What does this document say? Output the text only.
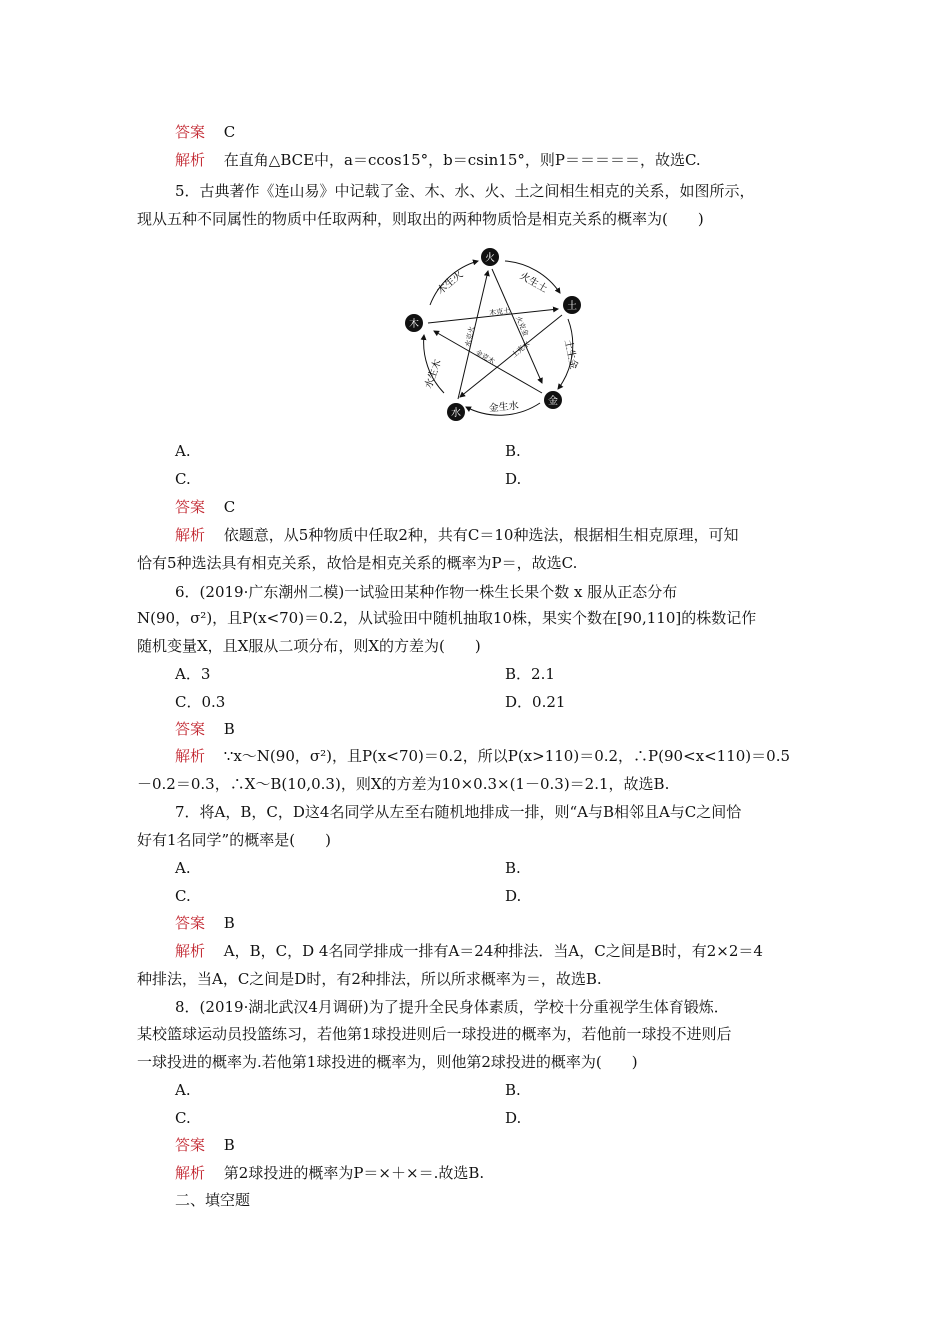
答案 C
解析 在直角△BCE中，a＝ccos15°，b＝csin15°，则P＝＝＝＝＝，故选C.
5．古典著作《连山易》中记载了金、木、水、火、土之间相生相克的关系，如图所示，
现从五种不同属性的物质中任取两种，则取出的两种物质恰是相克关系的概率为(　　)
火
土
金
水
木
火生土
土生金
金生水
水生木
木生火
木克土
火克金
土克水
金克木
水克火
A.	B.
C.	D.
答案 C
解析 依题意，从5种物质中任取2种，共有C＝10种选法，根据相生相克原理，可知
恰有5种选法具有相克关系，故恰是相克关系的概率为P＝，故选C.
6．(2019·广东潮州二模)一试验田某种作物一株生长果个数 x 服从正态分布
N(90，σ²)，且P(x<70)＝0.2，从试验田中随机抽取10株，果实个数在[90,110]的株数记作
随机变量X，且X服从二项分布，则X的方差为(　　)
A．3	B．2.1
C．0.3	D．0.21
答案 B
解析 ∵x～N(90，σ²)，且P(x<70)＝0.2，所以P(x>110)＝0.2，∴P(90<x<110)＝0.5
－0.2＝0.3，∴X～B(10,0.3)，则X的方差为10×0.3×(1－0.3)＝2.1，故选B.
7．将A，B，C，D这4名同学从左至右随机地排成一排，则“A与B相邻且A与C之间恰
好有1名同学”的概率是(　　)
A.	B.
C.	D.
答案 B
解析 A，B，C，D 4名同学排成一排有A＝24种排法．当A，C之间是B时，有2×2＝4
种排法，当A，C之间是D时，有2种排法，所以所求概率为＝，故选B.
8．(2019·湖北武汉4月调研)为了提升全民身体素质，学校十分重视学生体育锻炼．
某校篮球运动员投篮练习，若他第1球投进则后一球投进的概率为，若他前一球投不进则后
一球投进的概率为.若他第1球投进的概率为，则他第2球投进的概率为(　　)
A.	B.
C.	D.
答案 B
解析 第2球投进的概率为P＝×＋×＝.故选B.
二、填空题
